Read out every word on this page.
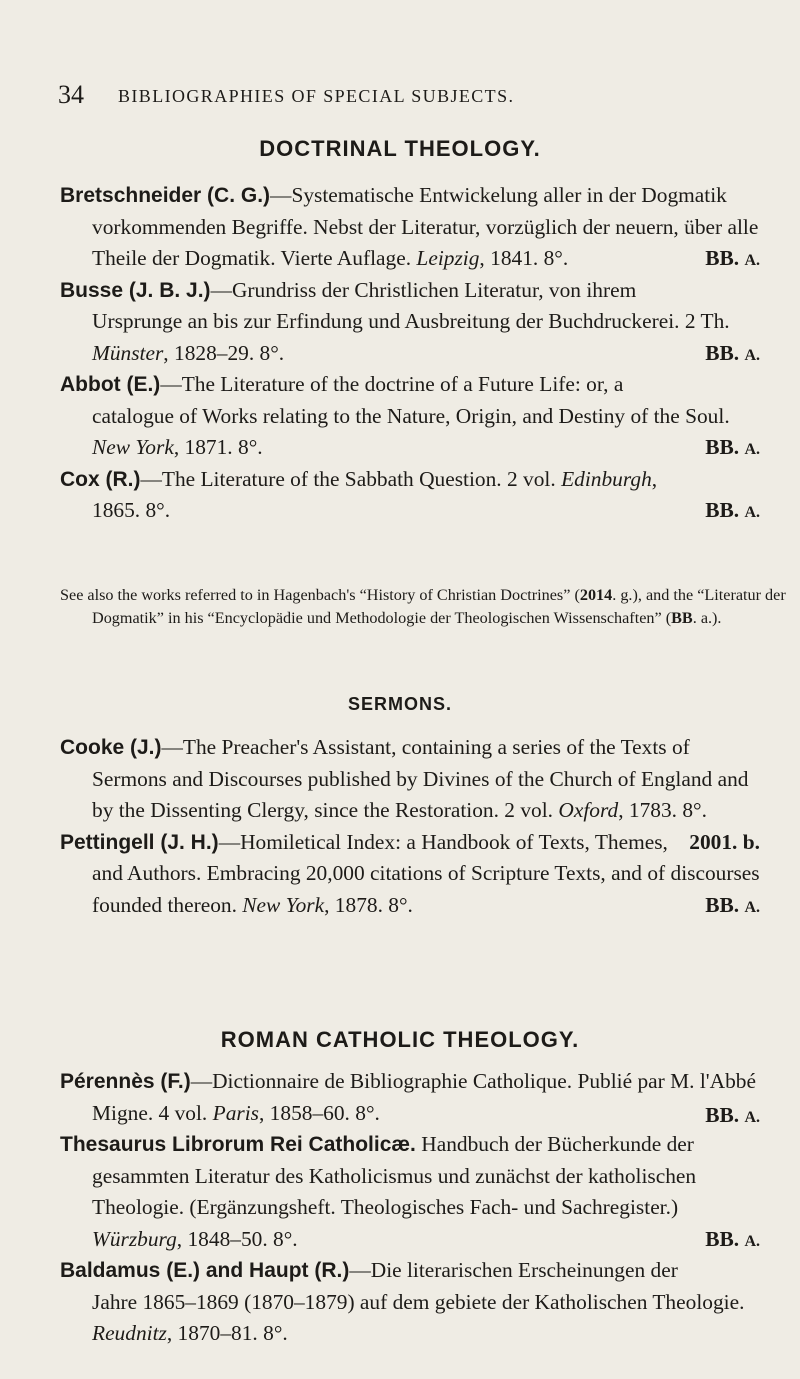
34 BIBLIOGRAPHIES OF SPECIAL SUBJECTS.
DOCTRINAL THEOLOGY.
Bretschneider (C. G.)—Systematische Entwickelung aller in der Dogmatik vorkommenden Begriffe. Nebst der Literatur, vorzüglich der neuern, über alle Theile der Dogmatik. Vierte Auflage. Leipzig, 1841. 8°.	BB. A.
Busse (J. B. J.)—Grundriss der Christlichen Literatur, von ihrem Ursprunge an bis zur Erfindung und Ausbreitung der Buchdruckerei. 2 Th. Münster, 1828–29. 8°.	BB. A.
Abbot (E.)—The Literature of the doctrine of a Future Life: or, a catalogue of Works relating to the Nature, Origin, and Destiny of the Soul. New York, 1871. 8°.	BB. A.
Cox (R.)—The Literature of the Sabbath Question. 2 vol. Edinburgh, 1865. 8°.	BB. A.
See also the works referred to in Hagenbach's “History of Christian Doctrines” (2014. g.), and the “Literatur der Dogmatik” in his “Encyclopädie und Methodologie der Theologischen Wissenschaften” (BB. a.).
SERMONS.
Cooke (J.)—The Preacher's Assistant, containing a series of the Texts of Sermons and Discourses published by Divines of the Church of England and by the Dissenting Clergy, since the Restoration. 2 vol. Oxford, 1783. 8°.
2001. b.
Pettingell (J. H.)—Homiletical Index: a Handbook of Texts, Themes, and Authors. Embracing 20,000 citations of Scripture Texts, and of discourses founded thereon. New York, 1878. 8°.	BB. A.
ROMAN CATHOLIC THEOLOGY.
Pérennès (F.)—Dictionnaire de Bibliographie Catholique. Publié par M. l'Abbé Migne. 4 vol. Paris, 1858–60. 8°.	BB. A.
Thesaurus Librorum Rei Catholicæ. Handbuch der Bücherkunde der gesammten Literatur des Katholicismus und zunächst der katholischen Theologie. (Ergänzungsheft. Theologisches Fach- und Sachregister.) Würzburg, 1848–50. 8°.	BB. A.
Baldamus (E.) and Haupt (R.)—Die literarischen Erscheinungen der Jahre 1865–1869 (1870–1879) auf dem gebiete der Katholischen Theologie. Reudnitz, 1870–81. 8°.
